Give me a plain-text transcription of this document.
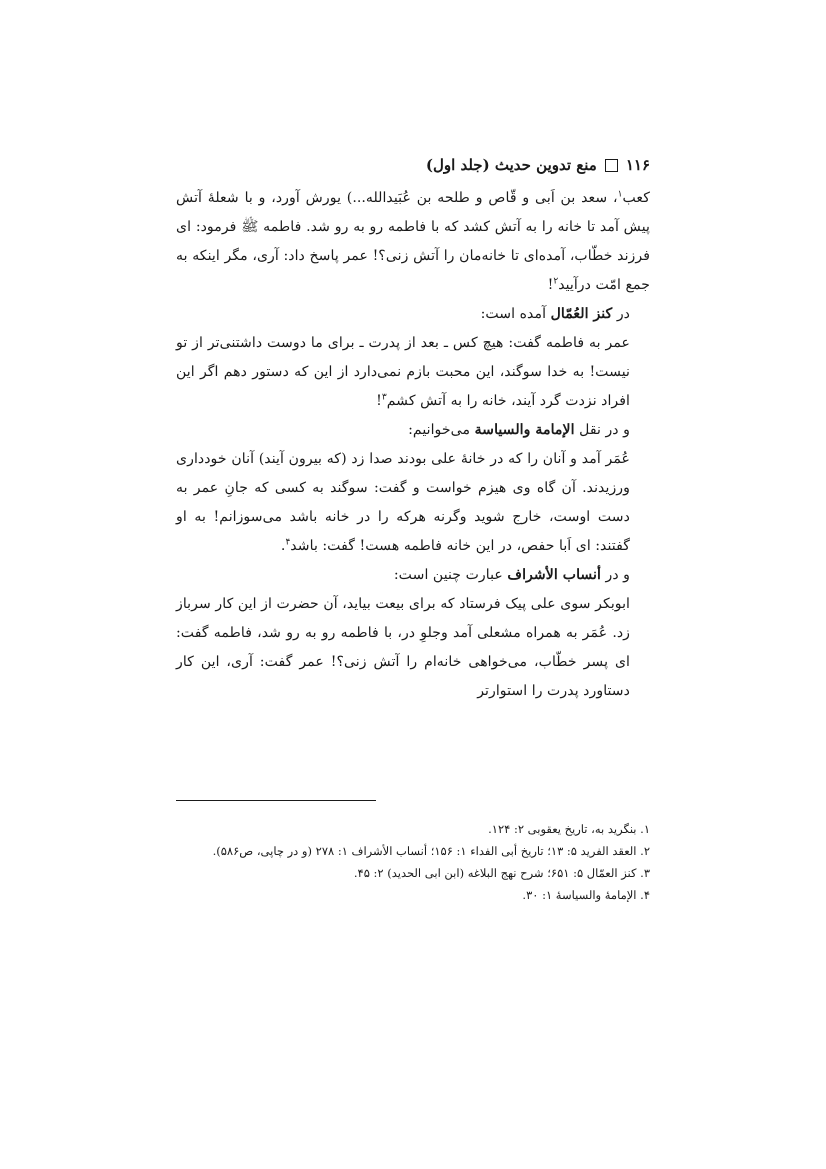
۱۱۶
منع تدوین حدیث (جلد اول)

کعب$^۱$، سعد بن اَبی و قّاص و طلحه بن عُبَیدالله...) یورش آورد، و با شعلۀ آتش پیش آمد تا خانه را به آتش کشد که با فاطمه رو به رو شد. فاطمه ﷺ فرمود: ای فرزند خطّاب، آمده‌ای تا خانه‌مان را آتش زنی؟! عمر پاسخ داد: آری، مگر اینکه به جمع امّت درآیید$^۲$!

در کنز العُمّال آمده است:

عمر به فاطمه گفت: هیچ کس ـ بعد از پدرت ـ برای ما دوست داشتنی‌تر از تو نیست! به خدا سوگند، این محبت بازم نمی‌دارد از این که دستور دهم اگر این افراد نزدت گرد آیند، خانه را به آتش کشم$^۳$!

و در نقل الإمامة والسیاسة می‌خوانیم:

عُمَر آمد و آنان را که در خانۀ علی بودند صدا زد (که بیرون آیند) آنان خودداری ورزیدند. آن گاه وی هیزم خواست و گفت: سوگند به کسی که جانِ عمر به دست اوست، خارج شوید وگرنه هرکه را در خانه باشد می‌سوزانم! به او گفتند: ای اَبا حفص، در این خانه فاطمه هست! گفت: باشد$^۴$.

و در أنساب الأشراف عبارت چنین است:

ابوبکر سوی علی پیک فرستاد که برای بیعت بیاید، آن حضرت از این کار سرباز زد. عُمَر به همراه مشعلی آمد وجلوِ در، با فاطمه رو به رو شد، فاطمه گفت: ای پسر خطّاب، می‌خواهی خانه‌ام را آتش زنی؟! عمر گفت: آری، این کار دستاورد پدرت را استوارتر

۱. بنگرید به، تاریخ یعقوبی ۲: ۱۲۴.
۲. العقد الفرید ۵: ۱۳؛ تاریخ أبی الفداء ۱: ۱۵۶؛ أنساب الأشراف ۱: ۲۷۸ (و در چاپی، ص۵۸۶).
۳. کنز العمّال ۵: ۶۵۱؛ شرح نهج البلاغه (ابن ابی الحدید) ۲: ۴۵.
۴. الإمامۀ والسیاسۀ ۱: ۳۰.
